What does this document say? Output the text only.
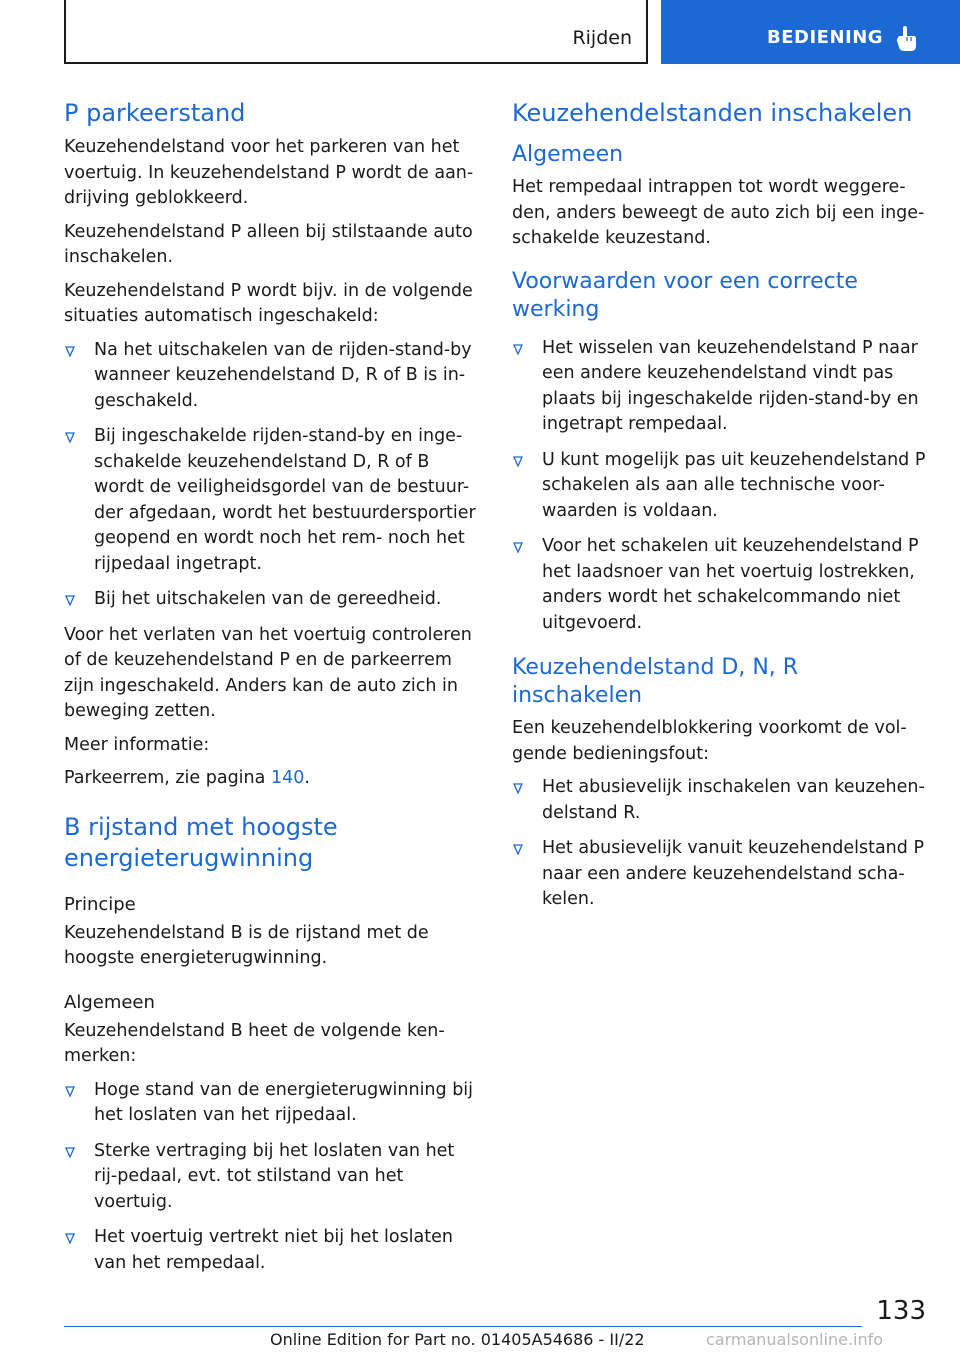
Rijden	BEDIENING
P parkeerstand

Keuzehendelstand voor het parkeren van het voertuig. In keuzehendelstand P wordt de aan-drijving geblokkeerd.

Keuzehendelstand P alleen bij stilstaande auto inschakelen.

Keuzehendelstand P wordt bijv. in de volgende situaties automatisch ingeschakeld:

Na het uitschakelen van de rijden-stand-by wanneer keuzehendelstand D, R of B is in-geschakeld.
Bij ingeschakelde rijden-stand-by en inge-schakelde keuzehendelstand D, R of B wordt de veiligheidsgordel van de bestuur-der afgedaan, wordt het bestuurdersportier geopend en wordt noch het rem- noch het rijpedaal ingetrapt.
Bij het uitschakelen van de gereedheid.

Voor het verlaten van het voertuig controleren of de keuzehendelstand P en de parkeerrem zijn ingeschakeld. Anders kan de auto zich in beweging zetten.

Meer informatie:

Parkeerrem, zie pagina 140.

B rijstand met hoogste energieterugwinning
Principe

Keuzehendelstand B is de rijstand met de hoogste energieterugwinning.

Algemeen

Keuzehendelstand B heet de volgende ken-merken:

Hoge stand van de energieterugwinning bij het loslaten van het rijpedaal.
Sterke vertraging bij het loslaten van het rij-pedaal, evt. tot stilstand van het voertuig.
Het voertuig vertrekt niet bij het loslaten van het rempedaal.
Keuzehendelstanden inschakelen
Algemeen

Het rempedaal intrappen tot wordt weggere-den, anders beweegt de auto zich bij een inge-schakelde keuzestand.

Voorwaarden voor een correcte werking
Het wisselen van keuzehendelstand P naar een andere keuzehendelstand vindt pas plaats bij ingeschakelde rijden-stand-by en ingetrapt rempedaal.
U kunt mogelijk pas uit keuzehendelstand P schakelen als aan alle technische voor-waarden is voldaan.
Voor het schakelen uit keuzehendelstand P het laadsnoer van het voertuig lostrekken, anders wordt het schakelcommando niet uitgevoerd.
Keuzehendelstand D, N, R inschakelen

Een keuzehendelblokkering voorkomt de vol-gende bedieningsfout:

Het abusievelijk inschakelen van keuzehen-delstand R.
Het abusievelijk vanuit keuzehendelstand P naar een andere keuzehendelstand scha-kelen.
133
Online Edition for Part no. 01405A54686 - II/22	carmanualsonline.info
